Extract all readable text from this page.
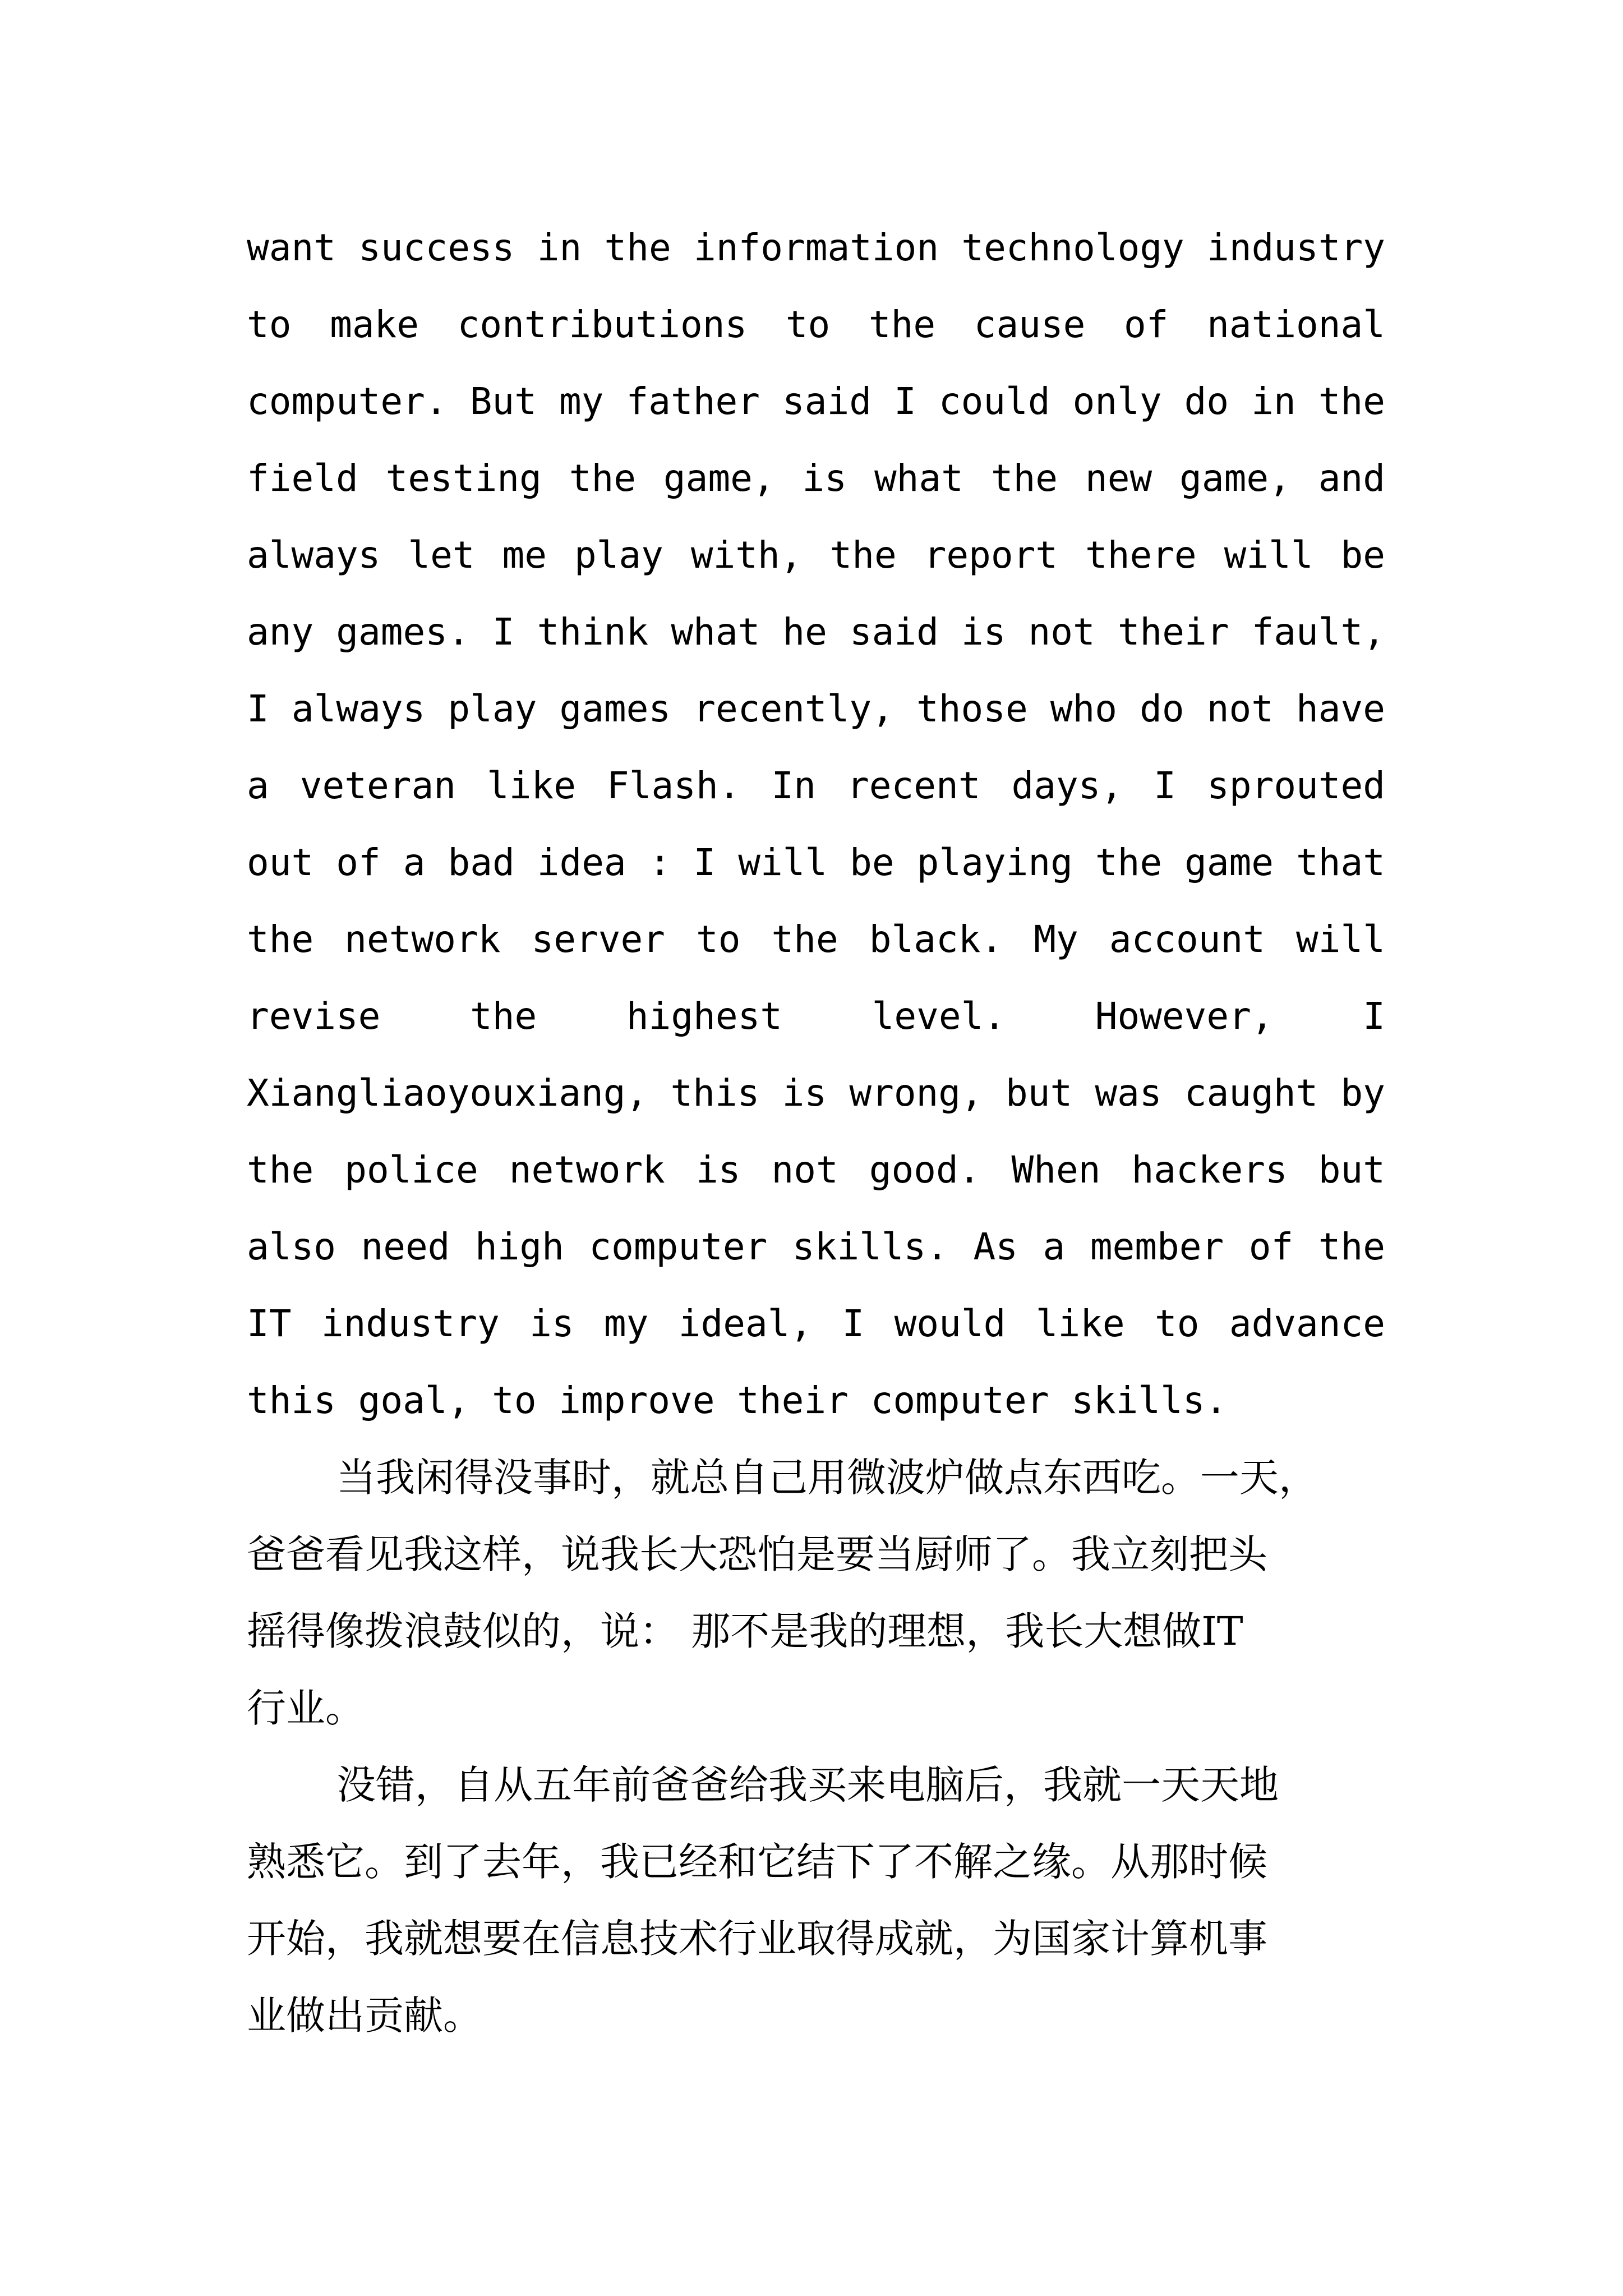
want success in the information technology industry
to make contributions to the cause of national
computer. But my father said I could only do in the
field testing the game, is what the new game, and
always let me play with, the report there will be
any games. I think what he said is not their fault,
I always play games recently, those who do not have
a veteran like Flash. In recent days, I sprouted
out of a bad idea : I will be playing the game that
the network server to the black. My account will
revise the highest level. However, I
Xiangliaoyouxiang, this is wrong, but was caught by
the police network is not good. When hackers but
also need high computer skills. As a member of the
IT industry is my ideal, I would like to advance
this goal, to improve their computer skills.
当我闲得没事时，就总自己用微波炉做点东西吃。一天，
爸爸看见我这样，说我长大恐怕是要当厨师了。我立刻把头
摇得像拨浪鼓似的，说： 那不是我的理想，我长大想做IT
行业。
没错，自从五年前爸爸给我买来电脑后，我就一天天地
熟悉它。到了去年，我已经和它结下了不解之缘。从那时候
开始，我就想要在信息技术行业取得成就，为国家计算机事
业做出贡献。
